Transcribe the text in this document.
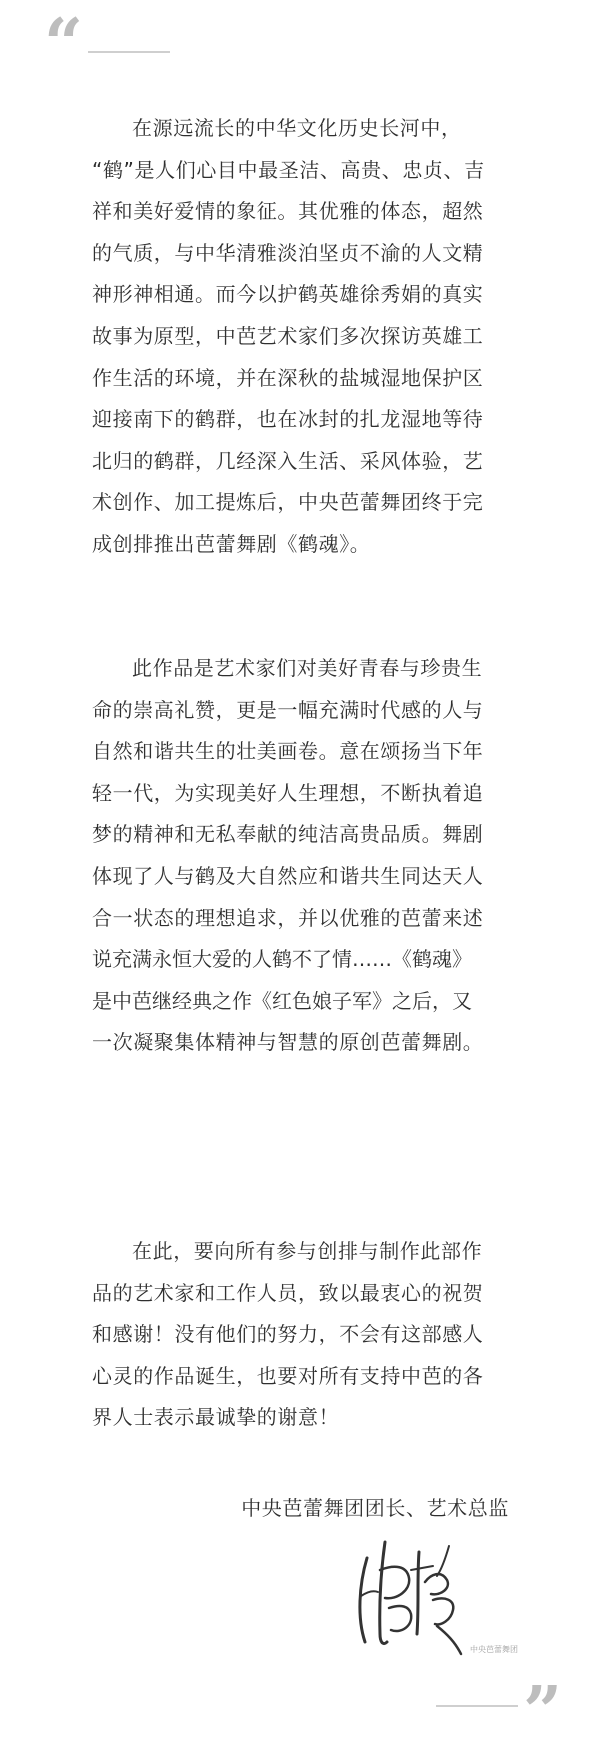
“
在源远流长的中华文化历史长河中，
“鹤”是人们心目中最圣洁、高贵、忠贞、吉
祥和美好爱情的象征。其优雅的体态，超然
的气质，与中华清雅淡泊坚贞不渝的人文精
神形神相通。而今以护鹤英雄徐秀娟的真实
故事为原型，中芭艺术家们多次探访英雄工
作生活的环境，并在深秋的盐城湿地保护区
迎接南下的鹤群，也在冰封的扎龙湿地等待
北归的鹤群，几经深入生活、采风体验，艺
术创作、加工提炼后，中央芭蕾舞团终于完
成创排推出芭蕾舞剧《鹤魂》。
此作品是艺术家们对美好青春与珍贵生
命的崇高礼赞，更是一幅充满时代感的人与
自然和谐共生的壮美画卷。意在颂扬当下年
轻一代，为实现美好人生理想，不断执着追
梦的精神和无私奉献的纯洁高贵品质。舞剧
体现了人与鹤及大自然应和谐共生同达天人
合一状态的理想追求，并以优雅的芭蕾来述
说充满永恒大爱的人鹤不了情……《鹤魂》
是中芭继经典之作《红色娘子军》之后，又
一次凝聚集体精神与智慧的原创芭蕾舞剧。
在此，要向所有参与创排与制作此部作
品的艺术家和工作人员，致以最衷心的祝贺
和感谢！没有他们的努力，不会有这部感人
心灵的作品诞生，也要对所有支持中芭的各
界人士表示最诚挚的谢意！

中央芭蕾舞团团长、艺术总监

中央芭蕾舞团
”
